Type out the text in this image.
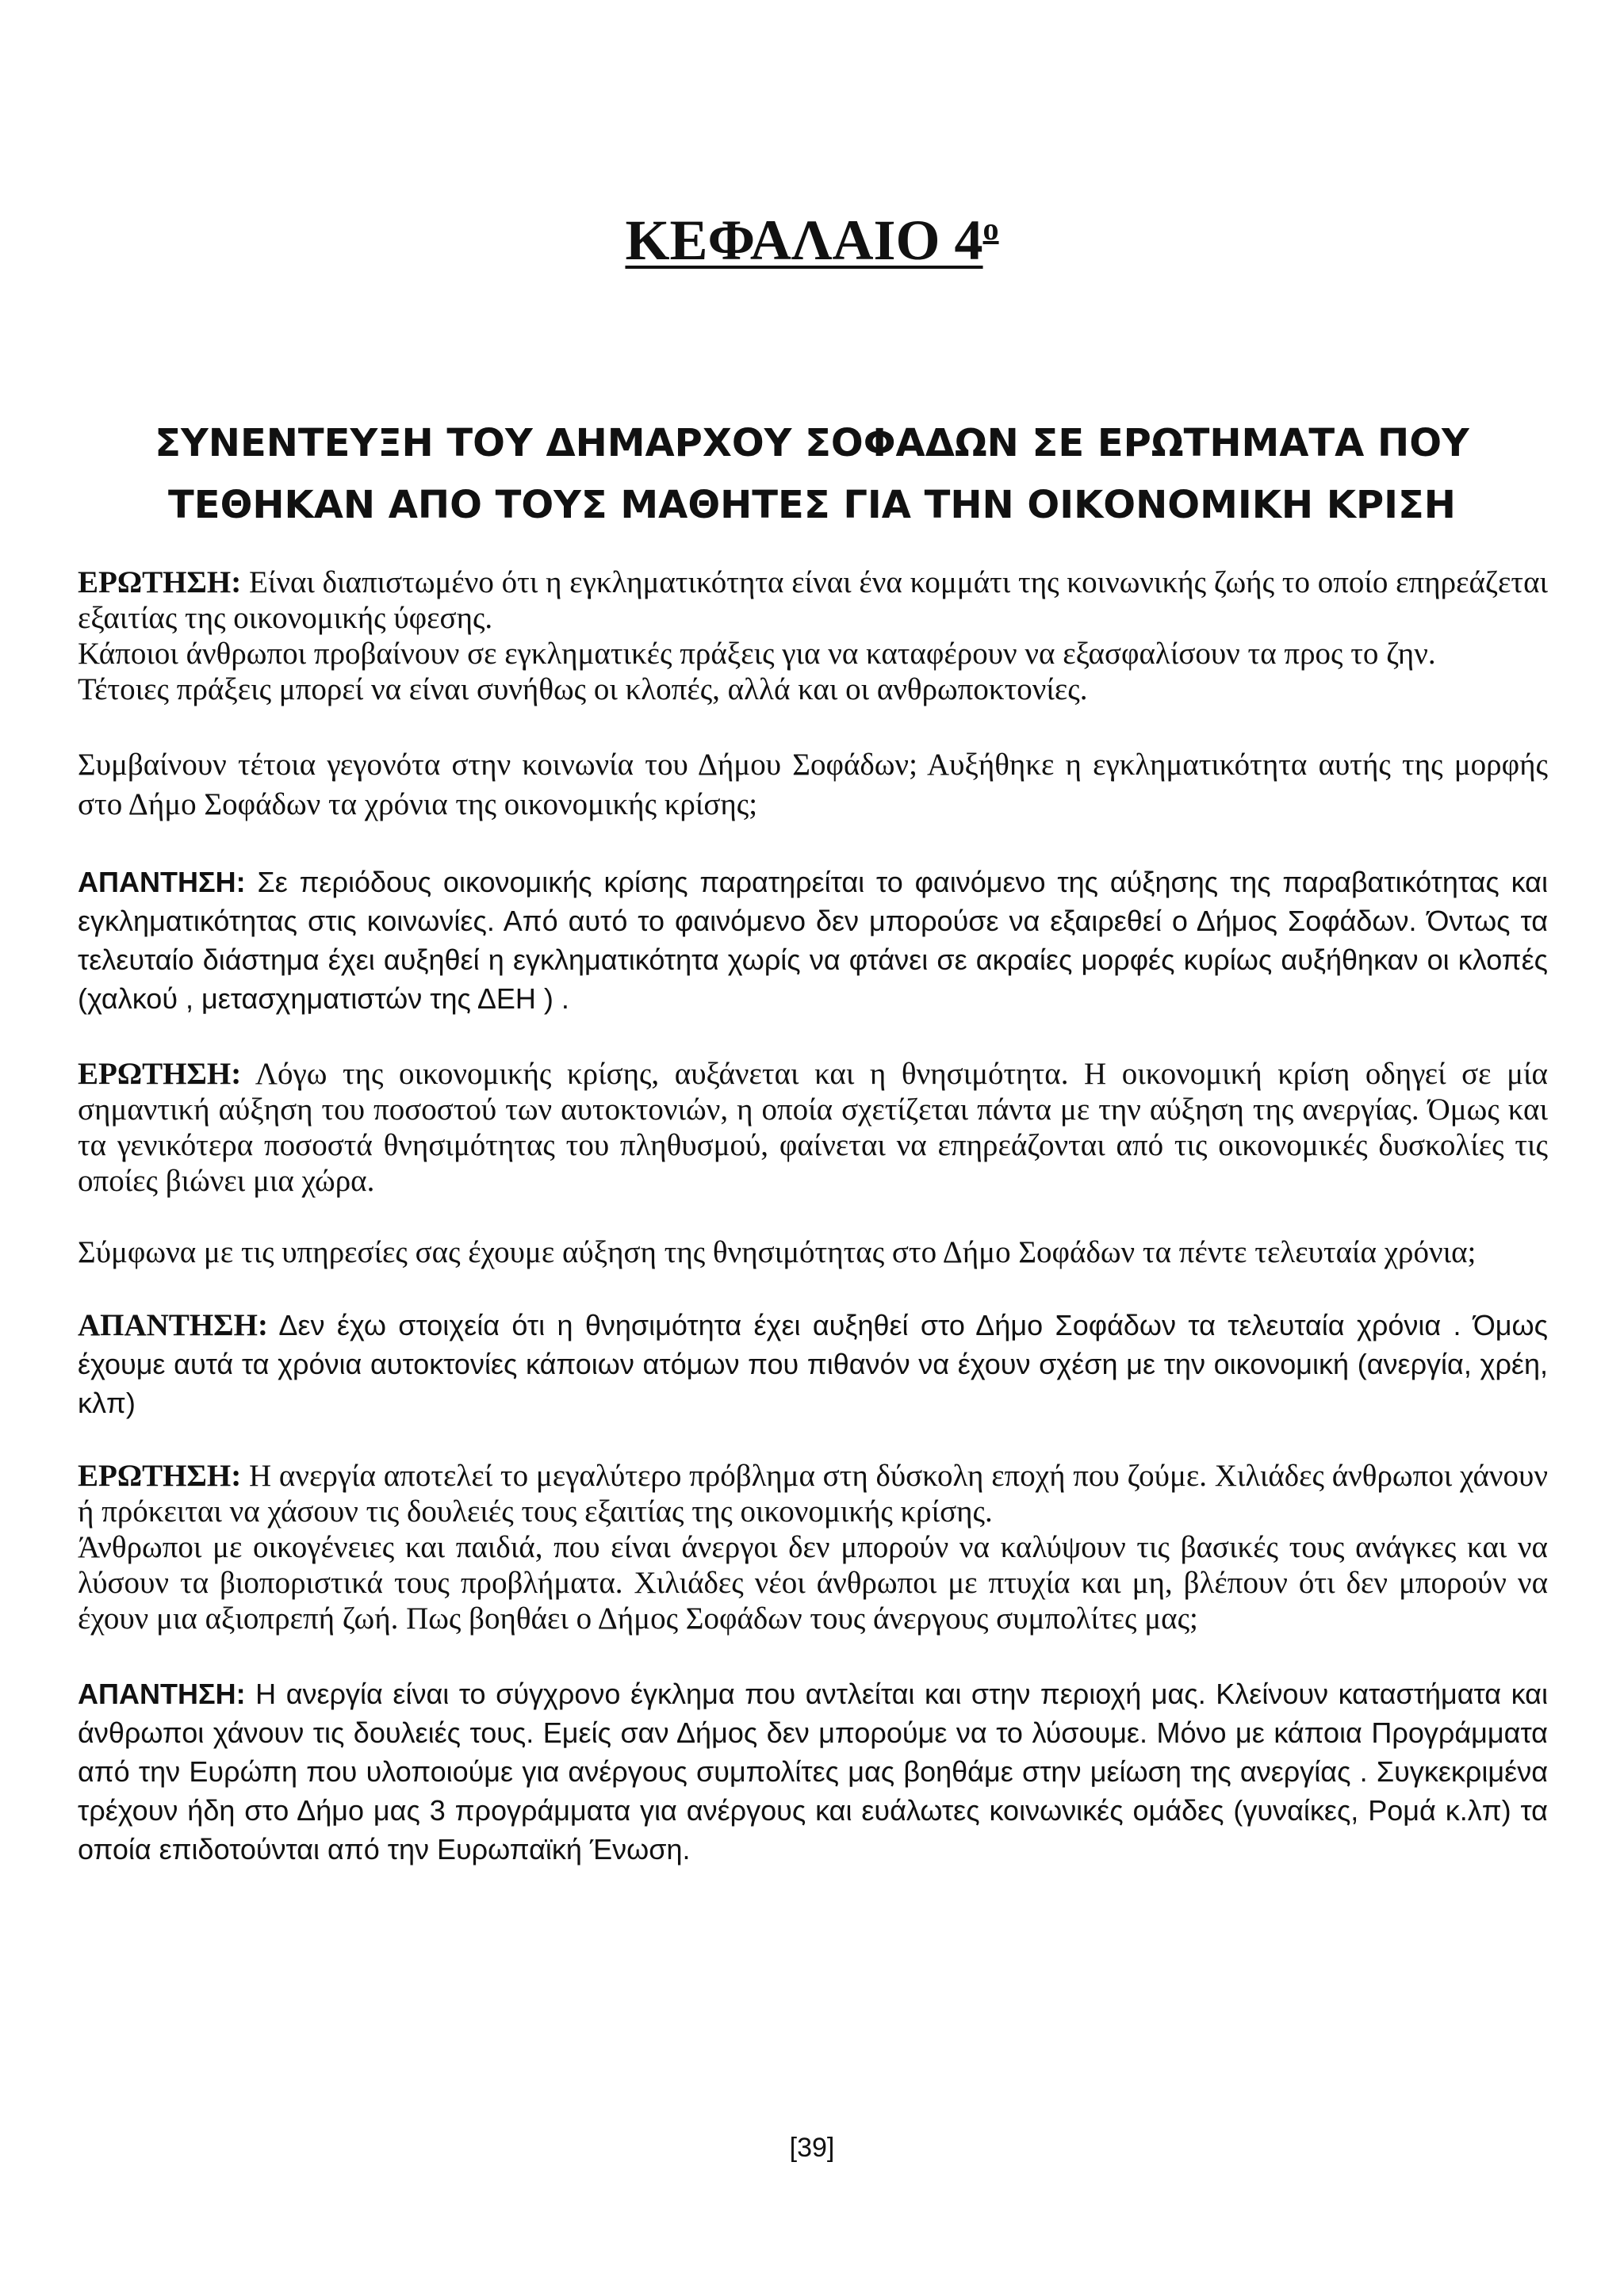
ΚΕΦΑΛΑΙΟ $4^o$
ΣΥΝΕΝΤΕΥΞΗ ΤΟΥ ΔΗΜΑΡΧΟΥ ΣΟΦΑΔΩΝ ΣΕ ΕΡΩΤΗΜΑΤΑ ΠΟΥ
ΤΕΘΗΚΑΝ ΑΠΟ ΤΟΥΣ ΜΑΘΗΤΕΣ ΓΙΑ ΤΗΝ ΟΙΚΟΝΟΜΙΚΗ ΚΡΙΣΗ

ΕΡΩΤΗΣΗ: Είναι διαπιστωμένο ότι η εγκληματικότητα είναι ένα κομμάτι της κοινωνικής ζωής το οποίο επηρεάζεται εξαιτίας της οικονομικής ύφεσης.

Κάποιοι άνθρωποι προβαίνουν σε εγκληματικές πράξεις για να καταφέρουν να εξασφαλίσουν τα προς το ζην.

Τέτοιες πράξεις μπορεί να είναι συνήθως οι κλοπές, αλλά και οι ανθρωποκτονίες.

Συμβαίνουν τέτοια γεγονότα στην κοινωνία του Δήμου Σοφάδων; Αυξήθηκε η εγκληματικότητα αυτής της μορφής στο Δήμο Σοφάδων τα χρόνια της οικονομικής κρίσης;

ΑΠΑΝΤΗΣΗ: Σε περιόδους οικονομικής κρίσης παρατηρείται το φαινόμενο της αύξησης της παραβατικότητας και εγκληματικότητας στις κοινωνίες. Από αυτό το φαινόμενο δεν μπορούσε να εξαιρεθεί ο Δήμος Σοφάδων. Όντως τα τελευταίο διάστημα έχει αυξηθεί η εγκληματικότητα χωρίς να φτάνει σε ακραίες μορφές κυρίως αυξήθηκαν οι κλοπές (χαλκού , μετασχηματιστών της ΔΕΗ ) .

ΕΡΩΤΗΣΗ: Λόγω της οικονομικής κρίσης, αυξάνεται και η θνησιμότητα. Η οικονομική κρίση οδηγεί σε μία σημαντική αύξηση του ποσοστού των αυτοκτονιών, η οποία σχετίζεται πάντα με την αύξηση της ανεργίας. Όμως και τα γενικότερα ποσοστά θνησιμότητας του πληθυσμού, φαίνεται να επηρεάζονται από τις οικονομικές δυσκολίες τις οποίες βιώνει μια χώρα.

Σύμφωνα με τις υπηρεσίες σας έχουμε αύξηση της θνησιμότητας στο Δήμο Σοφάδων τα πέντε τελευταία χρόνια;

ΑΠΑΝΤΗΣΗ: Δεν έχω στοιχεία ότι η θνησιμότητα έχει αυξηθεί στο Δήμο Σοφάδων τα τελευταία χρόνια . Όμως έχουμε αυτά τα χρόνια αυτοκτονίες κάποιων ατόμων που πιθανόν να έχουν σχέση με την οικονομική (ανεργία, χρέη, κλπ)

ΕΡΩΤΗΣΗ: Η ανεργία αποτελεί το μεγαλύτερο πρόβλημα στη δύσκολη εποχή που ζούμε. Χιλιάδες άνθρωποι χάνουν ή πρόκειται να χάσουν τις δουλειές τους εξαιτίας της οικονομικής κρίσης.

Άνθρωποι με οικογένειες και παιδιά, που είναι άνεργοι δεν μπορούν να καλύψουν τις βασικές τους ανάγκες και να λύσουν τα βιοποριστικά τους προβλήματα. Χιλιάδες νέοι άνθρωποι με πτυχία και μη, βλέπουν ότι δεν μπορούν να έχουν μια αξιοπρεπή ζωή. Πως βοηθάει ο Δήμος Σοφάδων τους άνεργους συμπολίτες μας;

ΑΠΑΝΤΗΣΗ: Η ανεργία είναι το σύγχρονο έγκλημα που αντλείται και στην περιοχή μας. Κλείνουν καταστήματα και άνθρωποι χάνουν τις δουλειές τους. Εμείς σαν Δήμος δεν μπορούμε να το λύσουμε. Μόνο με κάποια Προγράμματα από την Ευρώπη που υλοποιούμε για ανέργους συμπολίτες μας βοηθάμε στην μείωση της ανεργίας . Συγκεκριμένα τρέχουν ήδη στο Δήμο μας 3 προγράμματα για ανέργους και ευάλωτες κοινωνικές ομάδες (γυναίκες, Ρομά κ.λπ) τα οποία επιδοτούνται από την Ευρωπαϊκή Ένωση.

[39]
